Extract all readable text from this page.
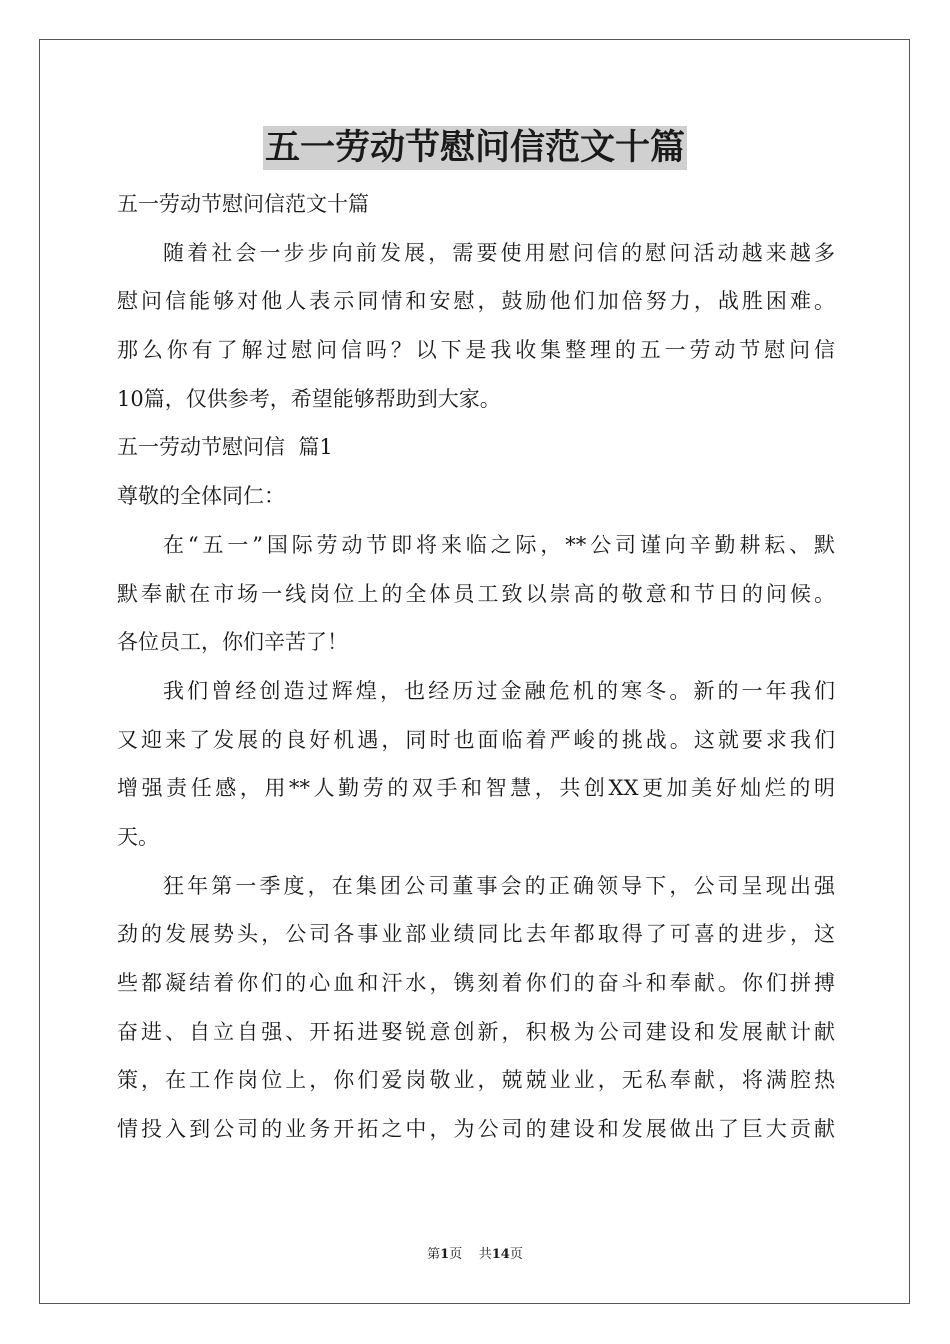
五一劳动节慰问信范文十篇
五一劳动节慰问信范文十篇
随着社会一步步向前发展，需要使用慰问信的慰问活动越来越多
慰问信能够对他人表示同情和安慰，鼓励他们加倍努力，战胜困难。
那么你有了解过慰问信吗？以下是我收集整理的五一劳动节慰问信
10篇，仅供参考，希望能够帮助到大家。
五一劳动节慰问信  篇1
尊敬的全体同仁：
在“五一”国际劳动节即将来临之际，**公司谨向辛勤耕耘、默
默奉献在市场一线岗位上的全体员工致以崇高的敬意和节日的问候。
各位员工，你们辛苦了！
我们曾经创造过辉煌，也经历过金融危机的寒冬。新的一年我们
又迎来了发展的良好机遇，同时也面临着严峻的挑战。这就要求我们
增强责任感，用**人勤劳的双手和智慧，共创XX更加美好灿烂的明
天。
狂年第一季度，在集团公司董事会的正确领导下，公司呈现出强
劲的发展势头，公司各事业部业绩同比去年都取得了可喜的进步，这
些都凝结着你们的心血和汗水，镌刻着你们的奋斗和奉献。你们拼搏
奋进、自立自强、开拓进娶锐意创新，积极为公司建设和发展献计献
策，在工作岗位上，你们爱岗敬业，兢兢业业，无私奉献，将满腔热
情投入到公司的业务开拓之中，为公司的建设和发展做出了巨大贡献
第1页    共14页
